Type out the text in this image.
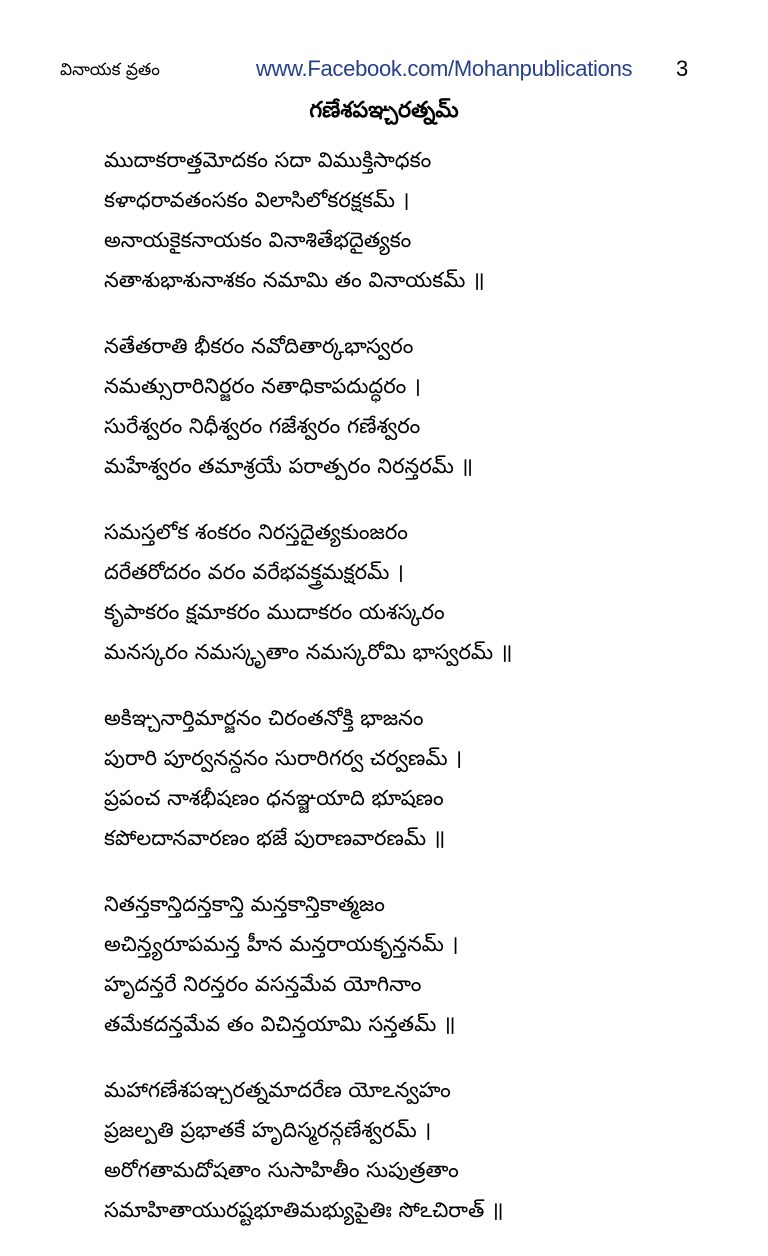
వినాయక వ్రతం	www.Facebook.com/Mohanpublications 3
గణేశపఞ్చరత్నమ్
ముదాకరాత్తమోదకం సదా విముక్తిసాధకం
కళాధరావతంసకం విలాసిలోకరక్షకమ్ ।
అనాయకైకనాయకం వినాశితేభదైత్యకం
నతాశుభాశునాశకం నమామి తం వినాయకమ్ ॥
నతేతరాతి భీకరం నవోదితార్కభాస్వరం
నమత్సురారినిర్జరం నతాధికాపదుద్ధరం ।
సురేశ్వరం నిధీశ్వరం గజేశ్వరం గణేశ్వరం
మహేశ్వరం తమాశ్రయే పరాత్పరం నిరన్తరమ్ ॥
సమస్తలోక శంకరం నిరస్తదైత్యకుంజరం
దరేతరోదరం వరం వరేభవక్త్రమక్షరమ్ ।
కృపాకరం క్షమాకరం ముదాకరం యశస్కరం
మనస్కరం నమస్కృతాం నమస్కరోమి భాస్వరమ్ ॥
అకిఞ్చనార్తిమార్జనం చిరంతనోక్తి భాజనం
పురారి పూర్వనన్దనం సురారిగర్వ చర్వణమ్ ।
ప్రపంచ నాశభీషణం ధనఞ్జయాది భూషణం
కపోలదానవారణం భజే పురాణవారణమ్ ॥
నితన్తకాన్తిదన్తకాన్తి మన్తకాన్తికాత్మజం
అచిన్త్యరూపమన్త హీన మన్తరాయకృన్తనమ్ ।
హృదన్తరే నిరన్తరం వసన్తమేవ యోగినాం
తమేకదన్తమేవ తం విచిన్తయామి సన్తతమ్ ॥
మహాగణేశపఞ్చరత్నమాదరేణ యోఽన్వహం
ప్రజల్పతి ప్రభాతకే హృదిస్మరన్గణేశ్వరమ్ ।
అరోగతామదోషతాం సుసాహితీం సుపుత్రతాం
సమాహితాయురష్టభూతిమభ్యుపైతిః సోఽచిరాత్ ॥
